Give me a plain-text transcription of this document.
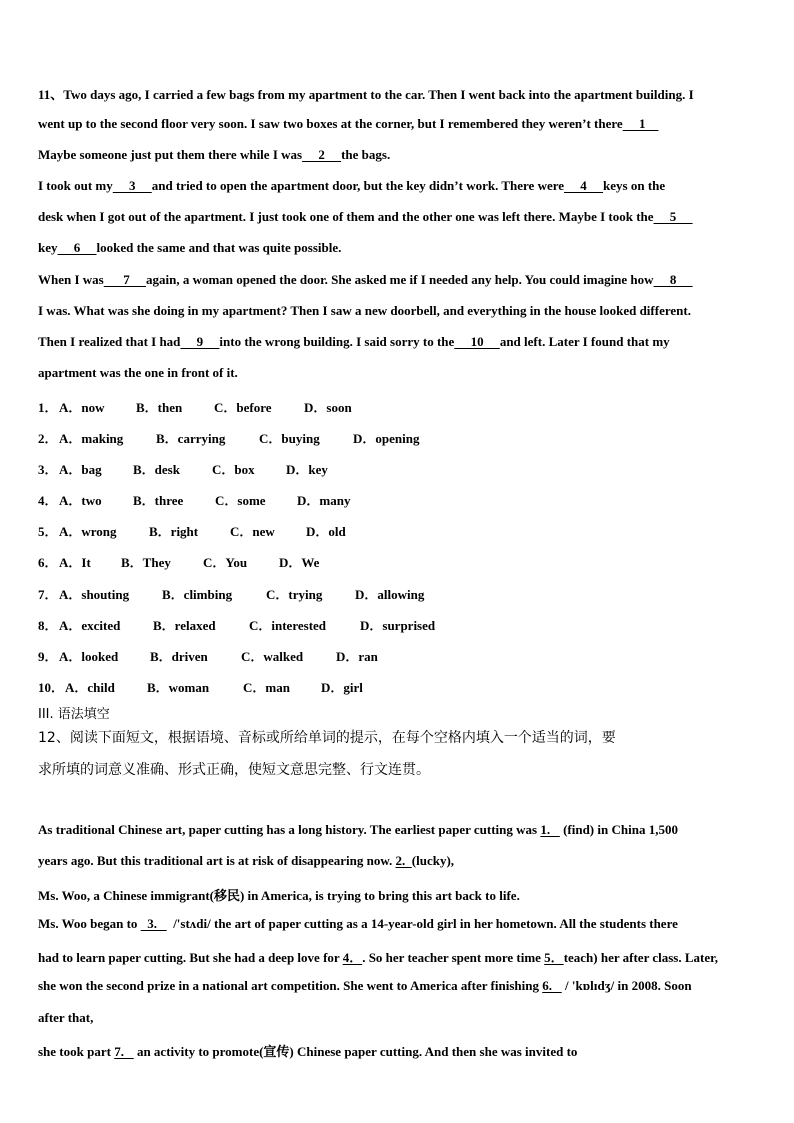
11、Two days ago, I carried a few bags from my apartment to the car. Then I went back into the apartment building. I
went up to the second floor very soon. I saw two boxes at the corner, but I remembered they weren’t there     1
Maybe someone just put them there while I was     2     the bags.
I took out my     3     and tried to open the apartment door, but the key didn’t work. There were     4     keys on the
desk when I got out of the apartment. I just took one of them and the other one was left there. Maybe I took the     5
key     6     looked the same and that was quite possible.
When I was      7     again, a woman opened the door. She asked me if I needed any help. You could imagine how     8
I was. What was she doing in my apartment? Then I saw a new doorbell, and everything in the house looked different.
Then I realized that I had     9     into the wrong building. I said sorry to the     10     and left. Later I found that my
apartment was the one in front of it.
1．A．now B．then C．before D．soon
2．A．making	B．carrying	C．buying	D．opening
3．A．bag B．desk C．box D．key
4．A．two B．three C．some D．many
5．A．wrong B．right C．new D．old
6．A．It B．They C．You D．We
7．A．shouting	B．climbing	C．trying	D．allowing
8．A．excited	B．relaxed	C．interested	D．surprised
9．A．looked B．driven	C．walked	D．ran
10．A．child B．woman	C．man D．girl
III. 语法填空
12、阅读下面短文，根据语境、音标或所给单词的提示，在每个空格内填入一个适当的词，要
求所填的词意义准确、形式正确，使短文意思完整、行文连贯。
As traditional Chinese art, paper cutting has a long history. The earliest paper cutting was 1.    (find) in China 1,500
years ago. But this traditional art is at risk of disappearing now. 2.  (lucky),
Ms. Woo, a Chinese immigrant(移民) in America, is trying to bring this art back to life.
Ms. Woo began to   3.     /'stʌdi/ the art of paper cutting as a 14-year-old girl in her hometown. All the students there
had to learn paper cutting. But she had a deep love for 4．. So her teacher spent more time 5．teach) her after class. Later,
she won the second prize in a national art competition. She went to America after finishing 6.    / 'kɒlɪdʒ/ in 2008. Soon
after that,
she took part 7.    an activity to promote(宣传) Chinese paper cutting. And then she was invited to
